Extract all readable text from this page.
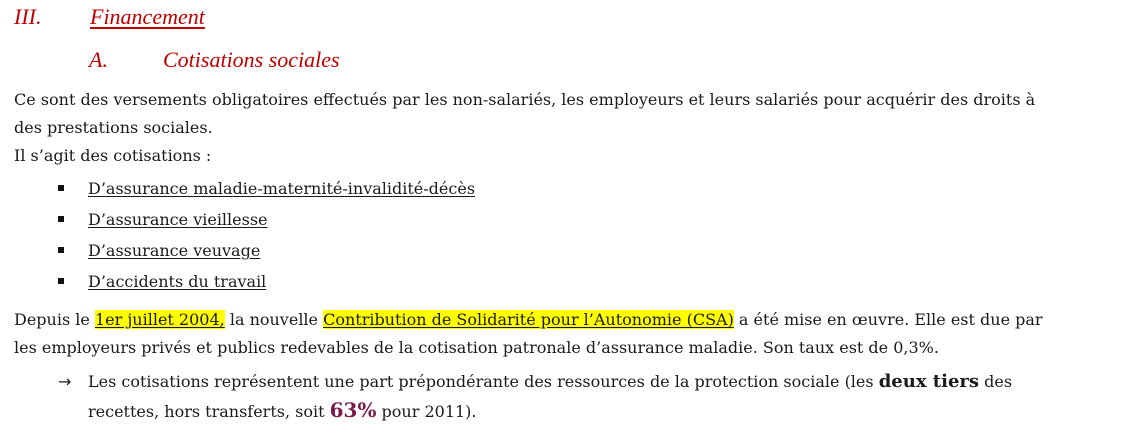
III. Financement
A.	Cotisations sociales
Ce sont des versements obligatoires effectués par les non-salariés, les employeurs et leurs salariés pour acquérir des droits à
des prestations sociales.
Il s’agit des cotisations :
D’assurance maladie-maternité-invalidité-décès
D’assurance vieillesse
D’assurance veuvage
D’accidents du travail
Depuis le 1er juillet 2004, la nouvelle Contribution de Solidarité pour l’Autonomie (CSA) a été mise en œuvre. Elle est due par
les employeurs privés et publics redevables de la cotisation patronale d’assurance maladie. Son taux est de 0,3%.
→ Les cotisations représentent une part prépondérante des ressources de la protection sociale (les deux tiers des
recettes, hors transferts, soit 63% pour 2011).
